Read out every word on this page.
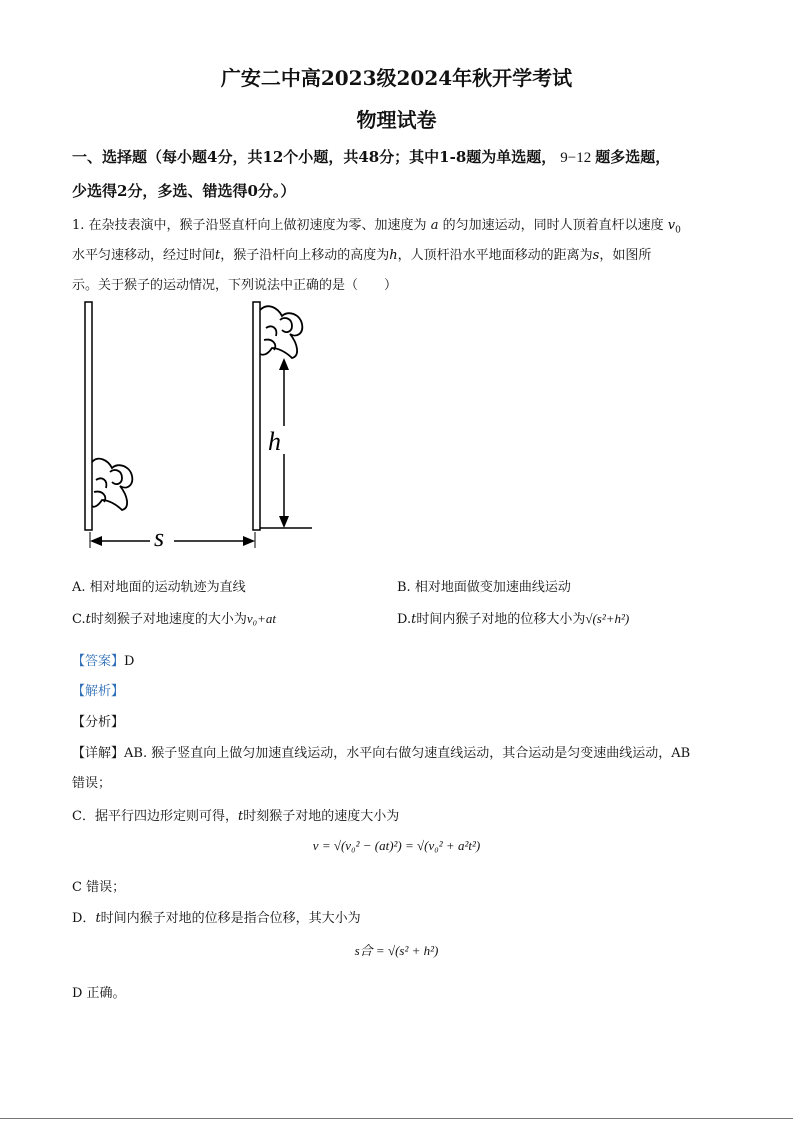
广安二中高2023级2024年秋开学考试
物理试卷
一、选择题（每小题4分，共12个小题，共48分；其中1-8题为单选题， 9−12 题多选题，
少选得2分，多选、错选得0分。）
1. 在杂技表演中，猴子沿竖直杆向上做初速度为零、加速度为 a 的匀加速运动，同时人顶着直杆以速度 $v_0$
水平匀速移动，经过时间t，猴子沿杆向上移动的高度为h，人顶杆沿水平地面移动的距离为s，如图所
示。关于猴子的运动情况，下列说法中正确的是（　　）
h
s
A. 相对地面的运动轨迹为直线	B. 相对地面做变加速曲线运动
C.t时刻猴子对地速度的大小为v₀+at	D.t时间内猴子对地的位移大小为√(s²+h²)
【答案】D
【解析】
【分析】
【详解】AB. 猴子竖直向上做匀加速直线运动，水平向右做匀速直线运动，其合运动是匀变速曲线运动，AB
错误；
C．据平行四边形定则可得，t时刻猴子对地的速度大小为
v = √(v₀² − (at)²) = √(v₀² + a²t²)
C 错误；
D．t时间内猴子对地的位移是指合位移，其大小为
s合 = √(s² + h²)
D 正确。
